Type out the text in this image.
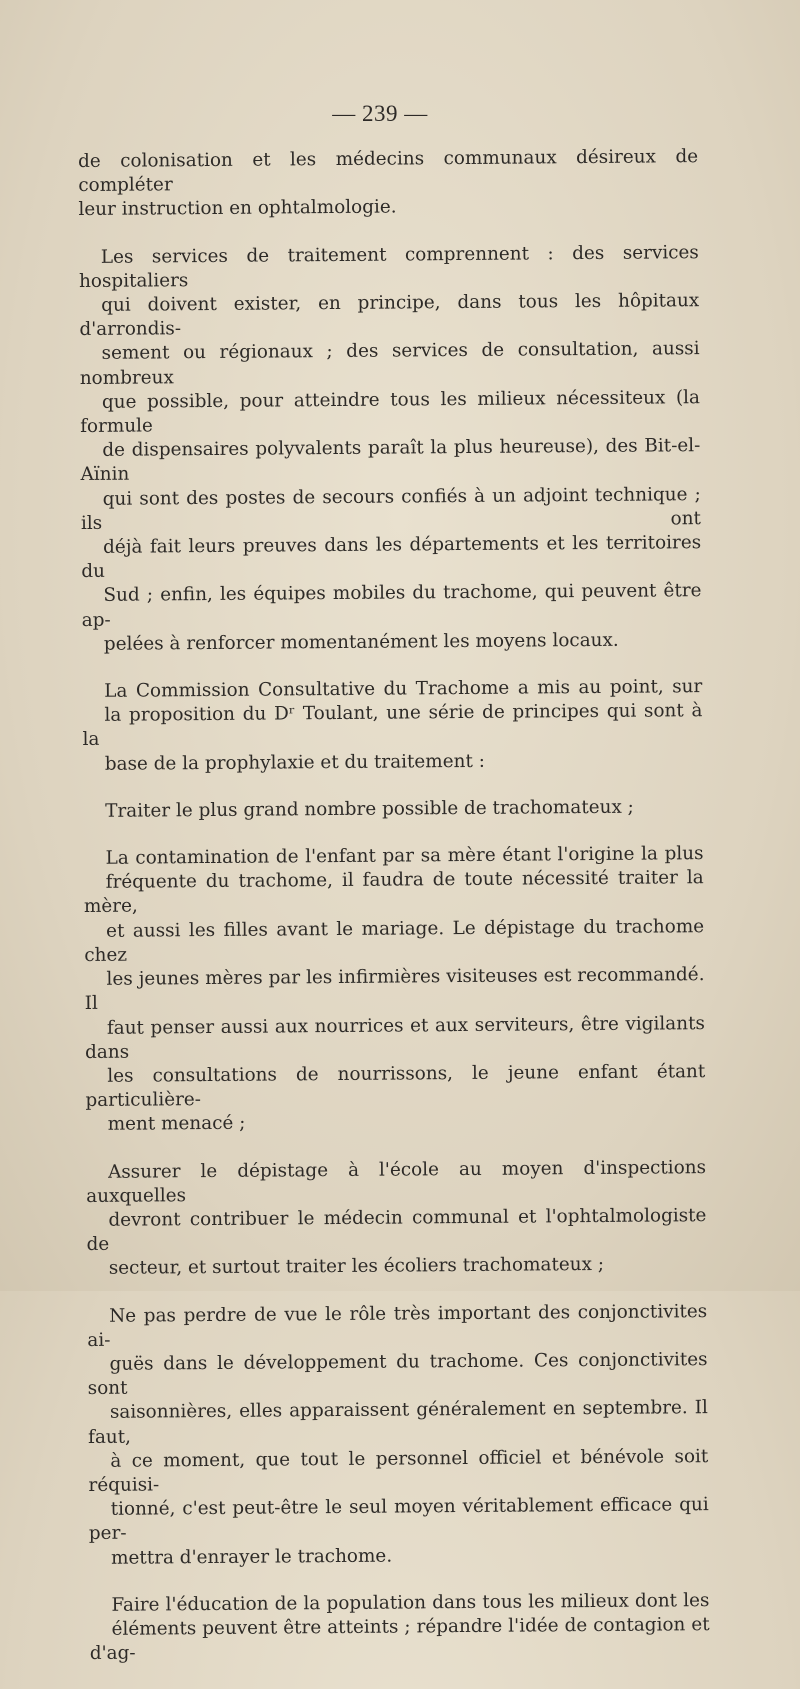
— 239 —

de colonisation et les médecins communaux désireux de compléter
leur instruction en ophtalmologie.

Les services de traitement comprennent : des services hospitaliers
qui doivent exister, en principe, dans tous les hôpitaux d'arrondis-
sement ou régionaux ; des services de consultation, aussi nombreux
que possible, pour atteindre tous les milieux nécessiteux (la formule
de dispensaires polyvalents paraît la plus heureuse), des Bit-el-Aïnin
qui sont des postes de secours confiés à un adjoint technique ; ils ont
déjà fait leurs preuves dans les départements et les territoires du
Sud ; enfin, les équipes mobiles du trachome, qui peuvent être ap-
pelées à renforcer momentanément les moyens locaux.

La Commission Consultative du Trachome a mis au point, sur
la proposition du Dʳ Toulant, une série de principes qui sont à la
base de la prophylaxie et du traitement :

Traiter le plus grand nombre possible de trachomateux ;

La contamination de l'enfant par sa mère étant l'origine la plus
fréquente du trachome, il faudra de toute nécessité traiter la mère,
et aussi les filles avant le mariage. Le dépistage du trachome chez
les jeunes mères par les infirmières visiteuses est recommandé. Il
faut penser aussi aux nourrices et aux serviteurs, être vigilants dans
les consultations de nourrissons, le jeune enfant étant particulière-
ment menacé ;

Assurer le dépistage à l'école au moyen d'inspections auxquelles
devront contribuer le médecin communal et l'ophtalmologiste de
secteur, et surtout traiter les écoliers trachomateux ;

Ne pas perdre de vue le rôle très important des conjonctivites ai-
guës dans le développement du trachome. Ces conjonctivites sont
saisonnières, elles apparaissent généralement en septembre. Il faut,
à ce moment, que tout le personnel officiel et bénévole soit réquisi-
tionné, c'est peut-être le seul moyen véritablement efficace qui per-
mettra d'enrayer le trachome.

Faire l'éducation de la population dans tous les milieux dont les
éléments peuvent être atteints ; répandre l'idée de contagion et d'ag-
